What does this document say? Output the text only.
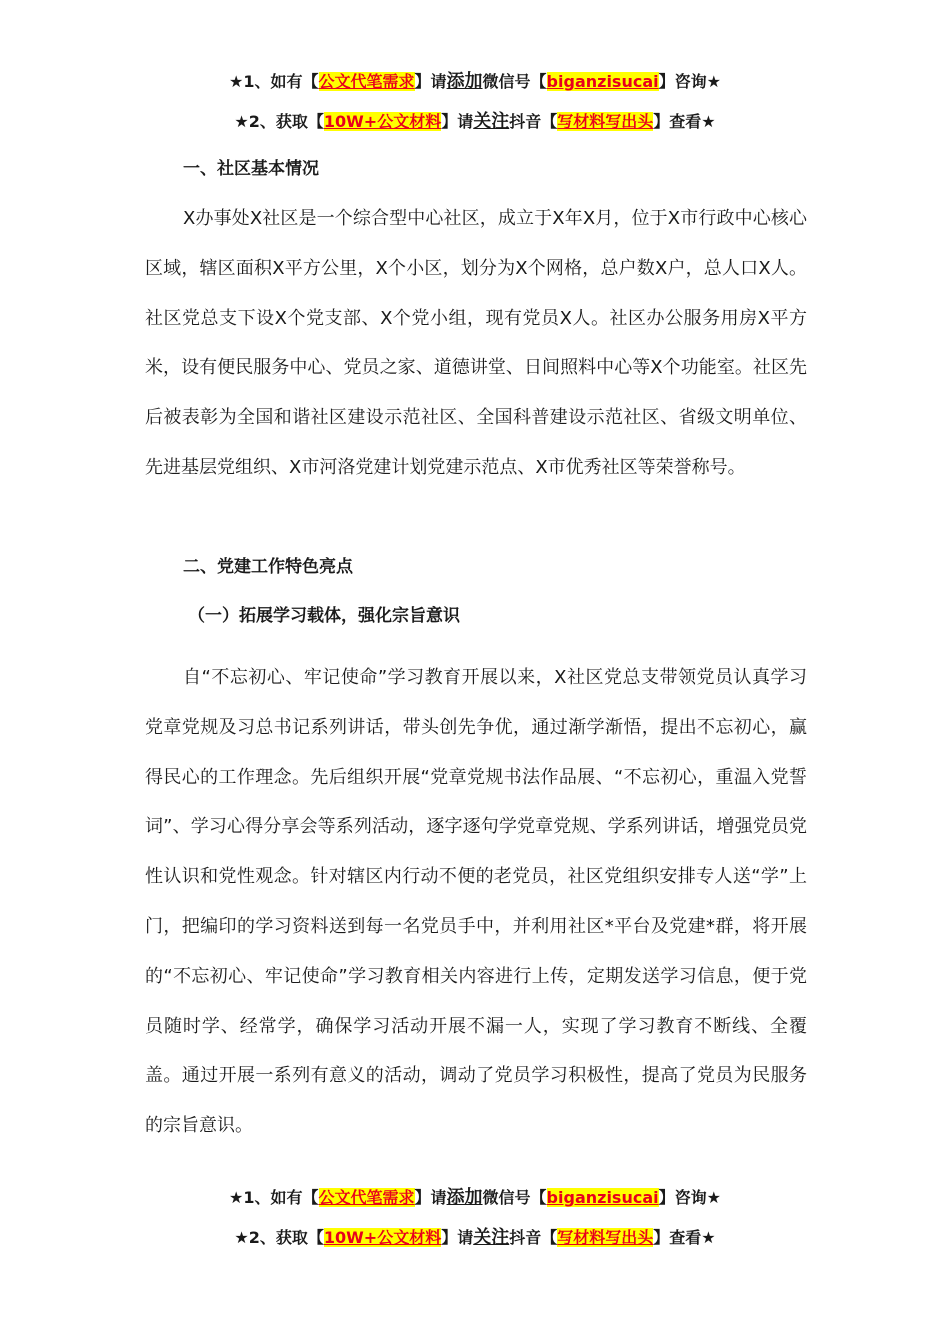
★1、如有【公文代笔需求】请添加微信号【biganzisucai】咨询★
★2、获取【10W+公文材料】请关注抖音【写材料写出头】查看★
一、社区基本情况

X办事处X社区是一个综合型中心社区，成立于X年X月，位于X市行政中心核心区域，辖区面积X平方公里，X个小区，划分为X个网格，总户数X户，总人口X人。社区党总支下设X个党支部、X个党小组，现有党员X人。社区办公服务用房X平方米，设有便民服务中心、党员之家、道德讲堂、日间照料中心等X个功能室。社区先后被表彰为全国和谐社区建设示范社区、全国科普建设示范社区、省级文明单位、先进基层党组织、X市河洛党建计划党建示范点、X市优秀社区等荣誉称号。

二、党建工作特色亮点
（一）拓展学习载体，强化宗旨意识

自“不忘初心、牢记使命”学习教育开展以来，X社区党总支带领党员认真学习党章党规及习总书记系列讲话，带头创先争优，通过渐学渐悟，提出不忘初心，赢得民心的工作理念。先后组织开展“党章党规书法作品展、“不忘初心，重温入党誓词”、学习心得分享会等系列活动，逐字逐句学党章党规、学系列讲话，增强党员党性认识和党性观念。针对辖区内行动不便的老党员，社区党组织安排专人送“学”上门，把编印的学习资料送到每一名党员手中，并利用社区*平台及党建*群，将开展的“不忘初心、牢记使命”学习教育相关内容进行上传，定期发送学习信息，便于党员随时学、经常学，确保学习活动开展不漏一人，实现了学习教育不断线、全覆盖。通过开展一系列有意义的活动，调动了党员学习积极性，提高了党员为民服务的宗旨意识。

★1、如有【公文代笔需求】请添加微信号【biganzisucai】咨询★
★2、获取【10W+公文材料】请关注抖音【写材料写出头】查看★
